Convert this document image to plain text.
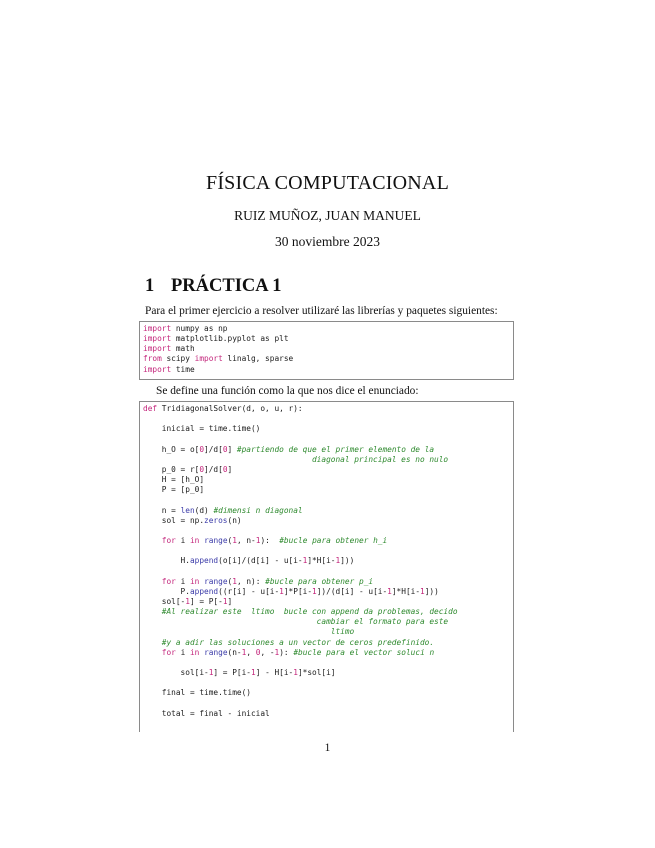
FÍSICA COMPUTACIONAL
RUIZ MUÑOZ, JUAN MANUEL
30 noviembre 2023
1 PRÁCTICA 1
Para el primer ejercicio a resolver utilizaré las librerías y paquetes siguientes:
import numpy as np
import matplotlib.pyplot as plt
import math
from scipy import linalg, sparse
import time

Se define una función como la que nos dice el enunciado:
def TridiagonalSolver(d, o, u, r):

inicial = time.time()

h_O = o[0]/d[0] #partiendo de que el primer elemento de la
diagonal principal es no nulo
p_0 = r[0]/d[0]
H = [h_O]
P = [p_0]

n = len(d) #dimensi n diagonal
sol = np.zeros(n)

for i in range(1, n-1):  #bucle para obtener h_i

H.append(o[i]/(d[i] - u[i-1]*H[i-1]))

for i in range(1, n): #bucle para obtener p_i
P.append((r[i] - u[i-1]*P[i-1])/(d[i] - u[i-1]*H[i-1]))
sol[-1] = P[-1]
#Al realizar este  ltimo  bucle con append da problemas, decido
cambiar el formato para este
ltimo
#y a adir las soluciones a un vector de ceros predefinido.
for i in range(n-1, 0, -1): #bucle para el vector soluci n

sol[i-1] = P[i-1] - H[i-1]*sol[i]

final = time.time()

total = final - inicial

1
